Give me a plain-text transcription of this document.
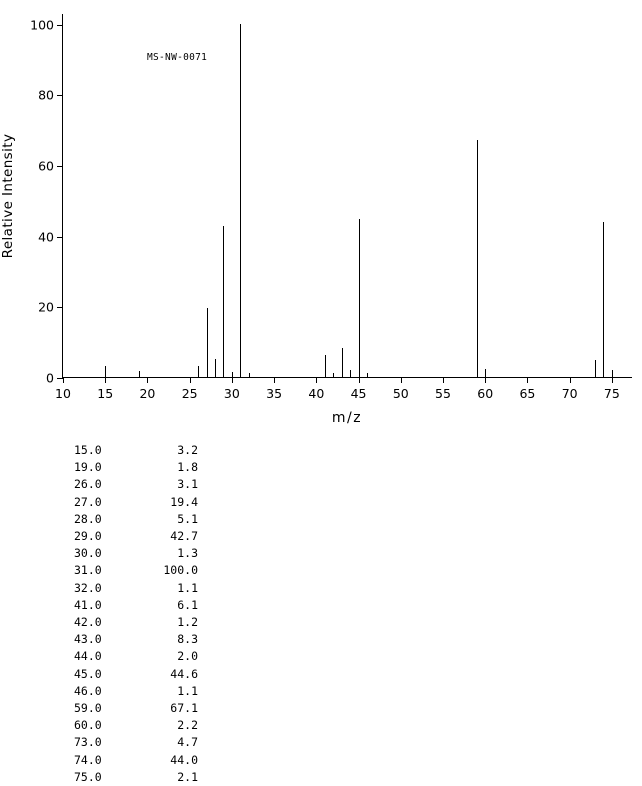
Relative Intensity
MS-NW-0071
0
20
40
60
80
100
10 15 20 25 30 35 40 45 50 55 60 65 70 75
m/z
15.0	3.2
19.0	1.8
26.0	3.1
27.0	19.4
28.0	5.1
29.0	42.7
30.0	1.3
31.0	100.0
32.0	1.1
41.0	6.1
42.0	1.2
43.0	8.3
44.0	2.0
45.0	44.6
46.0	1.1
59.0	67.1
60.0	2.2
73.0	4.7
74.0	44.0
75.0	2.1
